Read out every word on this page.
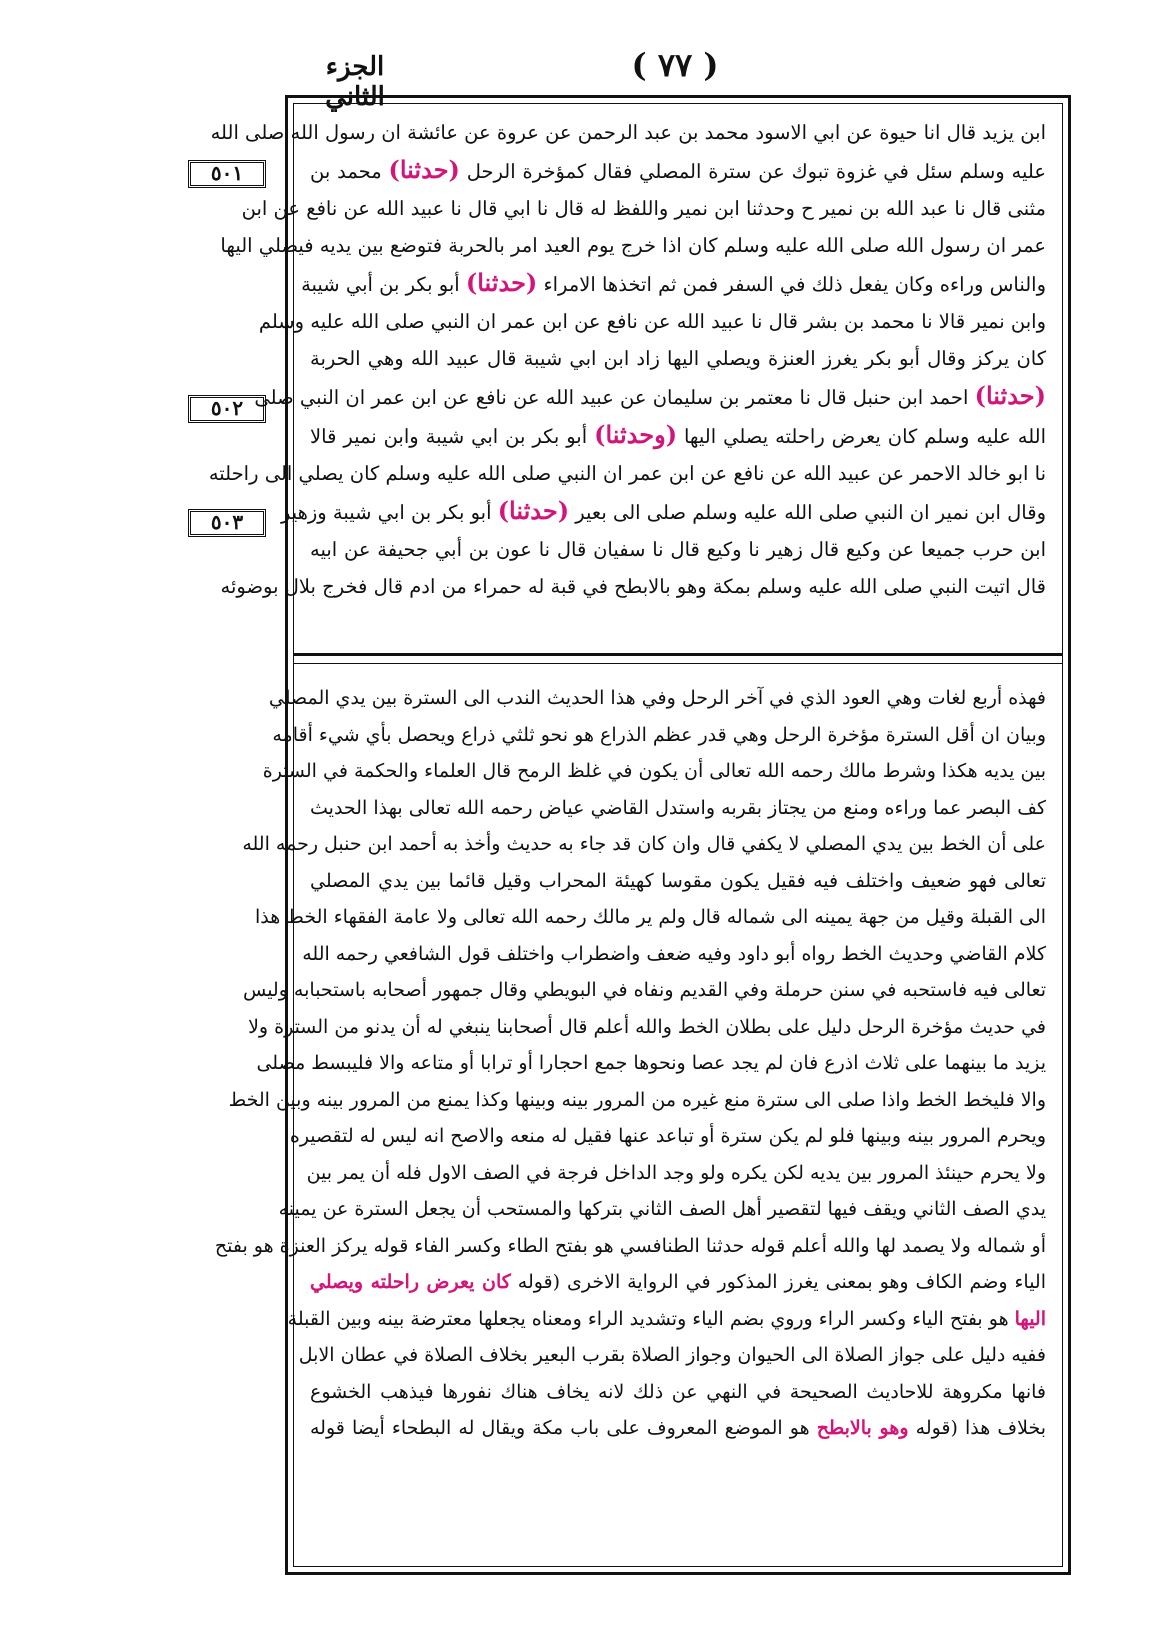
الجزء الثاني
( ٧٧ )
٥٠١
٥٠٢
٥٠٣
ابن يزيد قال انا حيوة عن ابي الاسود محمد بن عبد الرحمن عن عروة عن عائشة ان رسول الله صلى الله
عليه وسلم سئل في غزوة تبوك عن سترة المصلي فقال كمؤخرة الرحل (حدثنا) محمد بن
مثنى قال نا عبد الله بن نمير ح وحدثنا ابن نمير واللفظ له قال نا ابي قال نا عبيد الله عن نافع عن ابن
عمر ان رسول الله صلى الله عليه وسلم كان اذا خرج يوم العيد امر بالحربة فتوضع بين يديه فيصلي اليها
والناس وراءه وكان يفعل ذلك في السفر فمن ثم اتخذها الامراء (حدثنا) أبو بكر بن أبي شيبة
وابن نمير قالا نا محمد بن بشر قال نا عبيد الله عن نافع عن ابن عمر ان النبي صلى الله عليه وسلم
كان يركز وقال أبو بكر يغرز العنزة ويصلي اليها زاد ابن ابي شيبة قال عبيد الله وهي الحربة
(حدثنا) احمد ابن حنبل قال نا معتمر بن سليمان عن عبيد الله عن نافع عن ابن عمر ان النبي صلى
الله عليه وسلم كان يعرض راحلته يصلي اليها (وحدثنا) أبو بكر بن ابي شيبة وابن نمير قالا
نا ابو خالد الاحمر عن عبيد الله عن نافع عن ابن عمر ان النبي صلى الله عليه وسلم كان يصلي الى راحلته
وقال ابن نمير ان النبي صلى الله عليه وسلم صلى الى بعير (حدثنا) أبو بكر بن ابي شيبة وزهير
ابن حرب جميعا عن وكيع قال زهير نا وكيع قال نا سفيان قال نا عون بن أبي جحيفة عن ابيه
قال اتيت النبي صلى الله عليه وسلم بمكة وهو بالابطح في قبة له حمراء من ادم قال فخرج بلال بوضوئه
فهذه أربع لغات وهي العود الذي في آخر الرحل وفي هذا الحديث الندب الى السترة بين يدي المصلي
وبيان ان أقل السترة مؤخرة الرحل وهي قدر عظم الذراع هو نحو ثلثي ذراع ويحصل بأي شيء أقامه
بين يديه هكذا وشرط مالك رحمه الله تعالى أن يكون في غلظ الرمح قال العلماء والحكمة في السترة
كف البصر عما وراءه ومنع من يجتاز بقربه واستدل القاضي عياض رحمه الله تعالى بهذا الحديث
على أن الخط بين يدي المصلي لا يكفي قال وان كان قد جاء به حديث وأخذ به أحمد ابن حنبل رحمه الله
تعالى فهو ضعيف واختلف فيه فقيل يكون مقوسا كهيئة المحراب وقيل قائما بين يدي المصلي
الى القبلة وقيل من جهة يمينه الى شماله قال ولم ير مالك رحمه الله تعالى ولا عامة الفقهاء الخط هذا
كلام القاضي وحديث الخط رواه أبو داود وفيه ضعف واضطراب واختلف قول الشافعي رحمه الله
تعالى فيه فاستحبه في سنن حرملة وفي القديم ونفاه في البويطي وقال جمهور أصحابه باستحبابه وليس
في حديث مؤخرة الرحل دليل على بطلان الخط والله أعلم قال أصحابنا ينبغي له أن يدنو من السترة ولا
يزيد ما بينهما على ثلاث اذرع فان لم يجد عصا ونحوها جمع احجارا أو ترابا أو متاعه والا فليبسط مصلى
والا فليخط الخط واذا صلى الى سترة منع غيره من المرور بينه وبينها وكذا يمنع من المرور بينه وبين الخط
ويحرم المرور بينه وبينها فلو لم يكن سترة أو تباعد عنها فقيل له منعه والاصح انه ليس له لتقصيره
ولا يحرم حينئذ المرور بين يديه لكن يكره ولو وجد الداخل فرجة في الصف الاول فله أن يمر بين
يدي الصف الثاني ويقف فيها لتقصير أهل الصف الثاني بتركها والمستحب أن يجعل السترة عن يمينه
أو شماله ولا يصمد لها والله أعلم قوله حدثنا الطنافسي هو بفتح الطاء وكسر الفاء قوله يركز العنزة هو بفتح
الياء وضم الكاف وهو بمعنى يغرز المذكور في الرواية الاخرى (قوله كان يعرض راحلته ويصلي
اليها هو بفتح الياء وكسر الراء وروي بضم الياء وتشديد الراء ومعناه يجعلها معترضة بينه وبين القبلة
ففيه دليل على جواز الصلاة الى الحيوان وجواز الصلاة بقرب البعير بخلاف الصلاة في عطان الابل
فانها مكروهة للاحاديث الصحيحة في النهي عن ذلك لانه يخاف هناك نفورها فيذهب الخشوع
بخلاف هذا (قوله وهو بالابطح هو الموضع المعروف على باب مكة ويقال له البطحاء أيضا قوله
